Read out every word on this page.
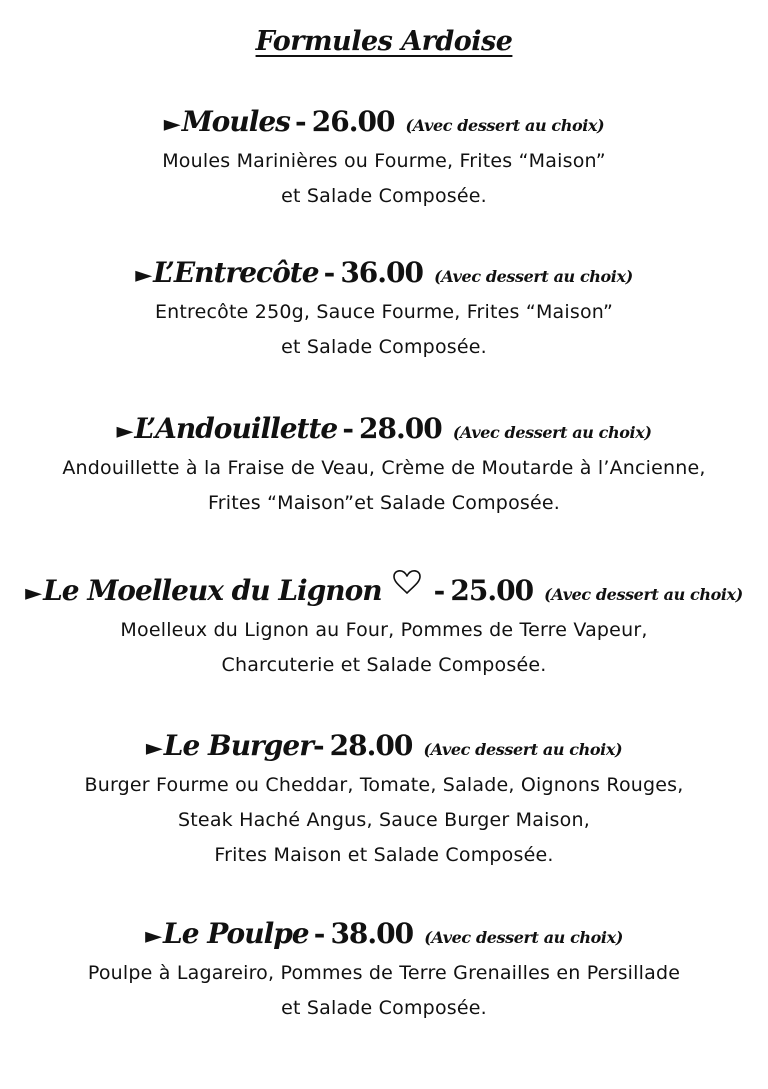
Formules Ardoise
►Moules - 26.00 (Avec dessert au choix)
Moules Marinières ou Fourme, Frites “Maison”
et Salade Composée.
►L’Entrecôte - 36.00 (Avec dessert au choix)
Entrecôte 250g, Sauce Fourme, Frites “Maison”
et Salade Composée.
►L’Andouillette - 28.00 (Avec dessert au choix)
Andouillette à la Fraise de Veau, Crème de Moutarde à l’Ancienne,
Frites “Maison”et Salade Composée.
►Le Moelleux du Lignon - 25.00 (Avec dessert au choix)
Moelleux du Lignon au Four, Pommes de Terre Vapeur,
Charcuterie et Salade Composée.
►Le Burger- 28.00 (Avec dessert au choix)
Burger Fourme ou Cheddar, Tomate, Salade, Oignons Rouges,
Steak Haché Angus, Sauce Burger Maison,
Frites Maison et Salade Composée.
►Le Poulpe - 38.00 (Avec dessert au choix)
Poulpe à Lagareiro, Pommes de Terre Grenailles en Persillade
et Salade Composée.
